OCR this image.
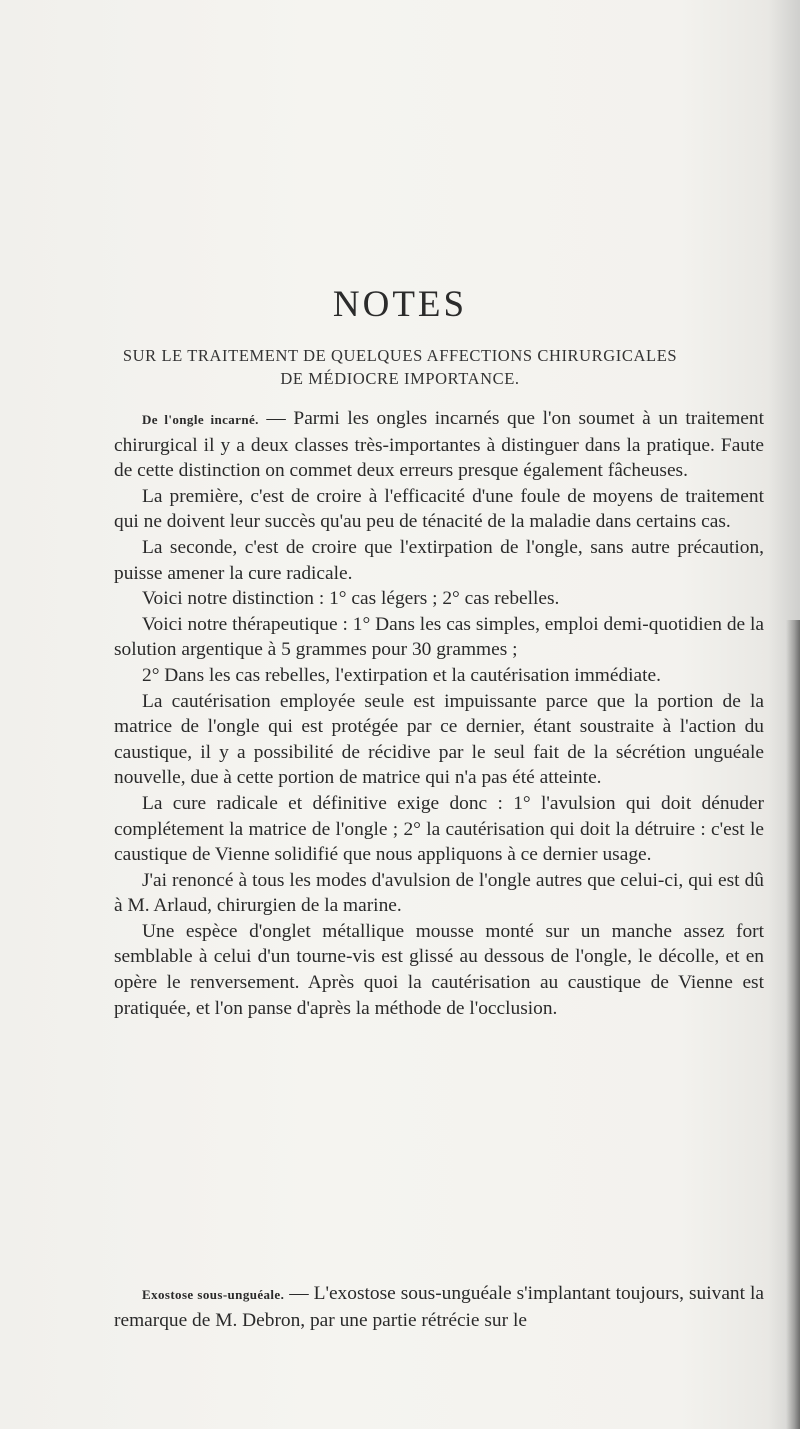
NOTES

SUR LE TRAITEMENT DE QUELQUES AFFECTIONS CHIRURGICALES

DE MÉDIOCRE IMPORTANCE.

De l'ongle incarné. — Parmi les ongles incarnés que l'on soumet à un traitement chirurgical il y a deux classes très-importantes à distinguer dans la pratique. Faute de cette distinction on commet deux erreurs presque également fâcheuses.

La première, c'est de croire à l'efficacité d'une foule de moyens de traitement qui ne doivent leur succès qu'au peu de ténacité de la maladie dans certains cas.

La seconde, c'est de croire que l'extirpation de l'ongle, sans autre précaution, puisse amener la cure radicale.

Voici notre distinction : 1° cas légers ; 2° cas rebelles.

Voici notre thérapeutique : 1° Dans les cas simples, emploi demi-quotidien de la solution argentique à 5 grammes pour 30 grammes ;

2° Dans les cas rebelles, l'extirpation et la cautérisation immédiate.

La cautérisation employée seule est impuissante parce que la portion de la matrice de l'ongle qui est protégée par ce dernier, étant soustraite à l'action du caustique, il y a possibilité de récidive par le seul fait de la sécrétion unguéale nouvelle, due à cette portion de matrice qui n'a pas été atteinte.

La cure radicale et définitive exige donc : 1° l'avulsion qui doit dénuder complétement la matrice de l'ongle ; 2° la cautérisation qui doit la détruire : c'est le caustique de Vienne solidifié que nous appliquons à ce dernier usage.

J'ai renoncé à tous les modes d'avulsion de l'ongle autres que celui-ci, qui est dû à M. Arlaud, chirurgien de la marine.

Une espèce d'onglet métallique mousse monté sur un manche assez fort semblable à celui d'un tourne-vis est glissé au dessous de l'ongle, le décolle, et en opère le renversement. Après quoi la cautérisation au caustique de Vienne est pratiquée, et l'on panse d'après la méthode de l'occlusion.

Exostose sous-unguéale. — L'exostose sous-unguéale s'implantant toujours, suivant la remarque de M. Debron, par une partie rétrécie sur le
